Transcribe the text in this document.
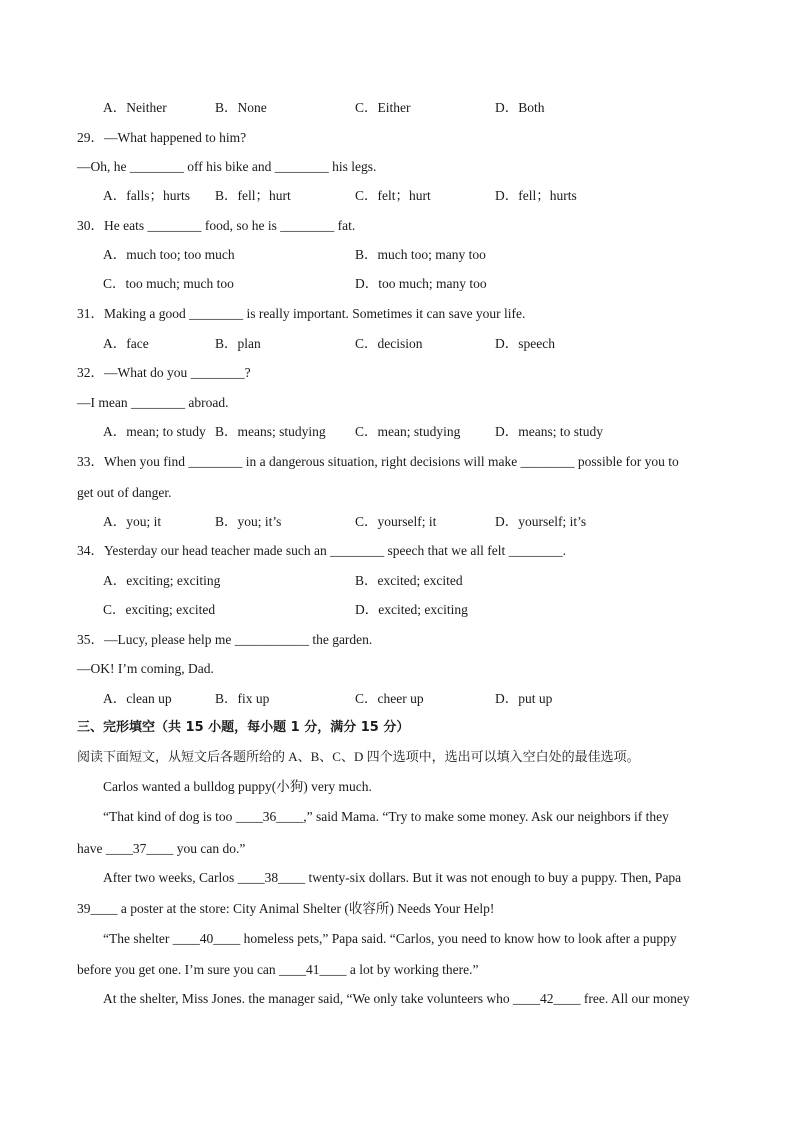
A．Neither	B．None	C．Either	D．Both
29．—What happened to him?
—Oh, he ________ off his bike and ________ his legs.
A．falls；hurts B．fell；hurt	C．felt；hurt	D．fell；hurts
30．He eats ________ food, so he is ________ fat.
A．much too; too much	B．much too; many too
C．too much; much too	D．too much; many too
31．Making a good ________ is really important. Sometimes it can save your life.
A．face	B．plan	C．decision	D．speech
32．—What do you ________?
—I mean ________ abroad.
A．mean; to study B．means; studying C．mean; studying	D．means; to study
33．When you find ________ in a dangerous situation, right decisions will make ________ possible for you to
get out of danger.
A．you; it	B．you; it’s	C．yourself; it	D．yourself; it’s
34．Yesterday our head teacher made such an ________ speech that we all felt ________.
A．exciting; exciting	B．excited; excited
C．exciting; excited	D．excited; exciting
35．—Lucy, please help me ___________ the garden.
—OK! I’m coming, Dad.
A．clean up	B．fix up	C．cheer up	D．put up
三、完形填空（共 15 小题，每小题 1 分，满分 15 分）
阅读下面短文，从短文后各题所给的 A、B、C、D 四个选项中，选出可以填入空白处的最佳选项。
Carlos wanted a bulldog puppy(小狗) very much.
“That kind of dog is too ____36____,” said Mama. “Try to make some money. Ask our neighbors if they
have ____37____ you can do.”
After two weeks, Carlos ____38____ twenty-six dollars. But it was not enough to buy a puppy. Then, Papa
39____ a poster at the store: City Animal Shelter (收容所) Needs Your Help!
“The shelter ____40____ homeless pets,” Papa said. “Carlos, you need to know how to look after a puppy
before you get one. I’m sure you can ____41____ a lot by working there.”
At the shelter, Miss Jones. the manager said, “We only take volunteers who ____42____ free. All our money
